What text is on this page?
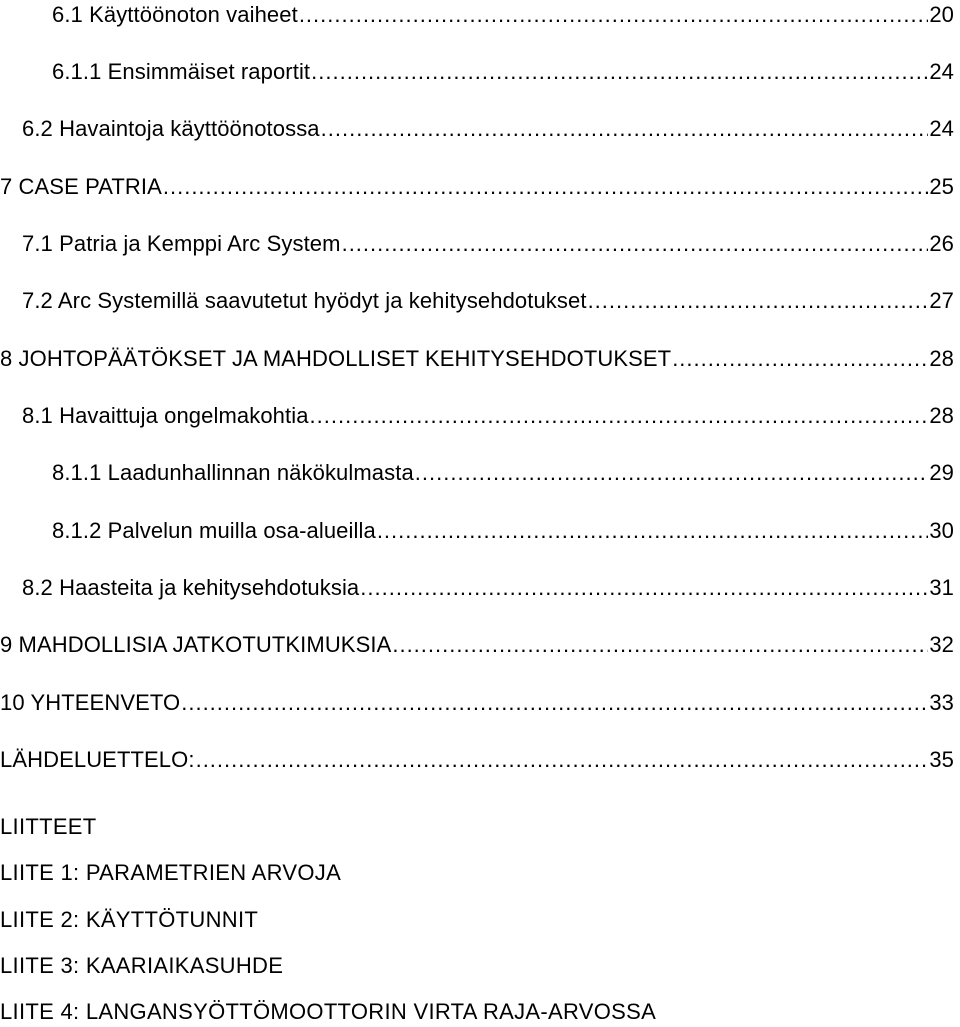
6.1 Käyttöönoton vaiheet .....	20
6.1.1 Ensimmäiset raportit .....	24
6.2 Havaintoja käyttöönotossa .....	24
7 CASE PATRIA .....	25
7.1 Patria ja Kemppi Arc System .....	26
7.2 Arc Systemillä saavutetut hyödyt ja kehitysehdotukset .....	27
8 JOHTOPÄÄTÖKSET JA MAHDOLLISET KEHITYSEHDOTUKSET .....	28
8.1 Havaittuja ongelmakohtia .....	28
8.1.1 Laadunhallinnan näkökulmasta .....	29
8.1.2 Palvelun muilla osa-alueilla .....	30
8.2 Haasteita ja kehitysehdotuksia .....	31
9 MAHDOLLISIA JATKOTUTKIMUKSIA .....	32
10 YHTEENVETO .....	33
LÄHDELUETTELO: .....	35
LIITTEET
LIITE 1: PARAMETRIEN ARVOJA
LIITE 2: KÄYTTÖTUNNIT
LIITE 3: KAARIAIKASUHDE
LIITE 4: LANGANSYÖTTÖMOOTTORIN VIRTA RAJA-ARVOSSA
